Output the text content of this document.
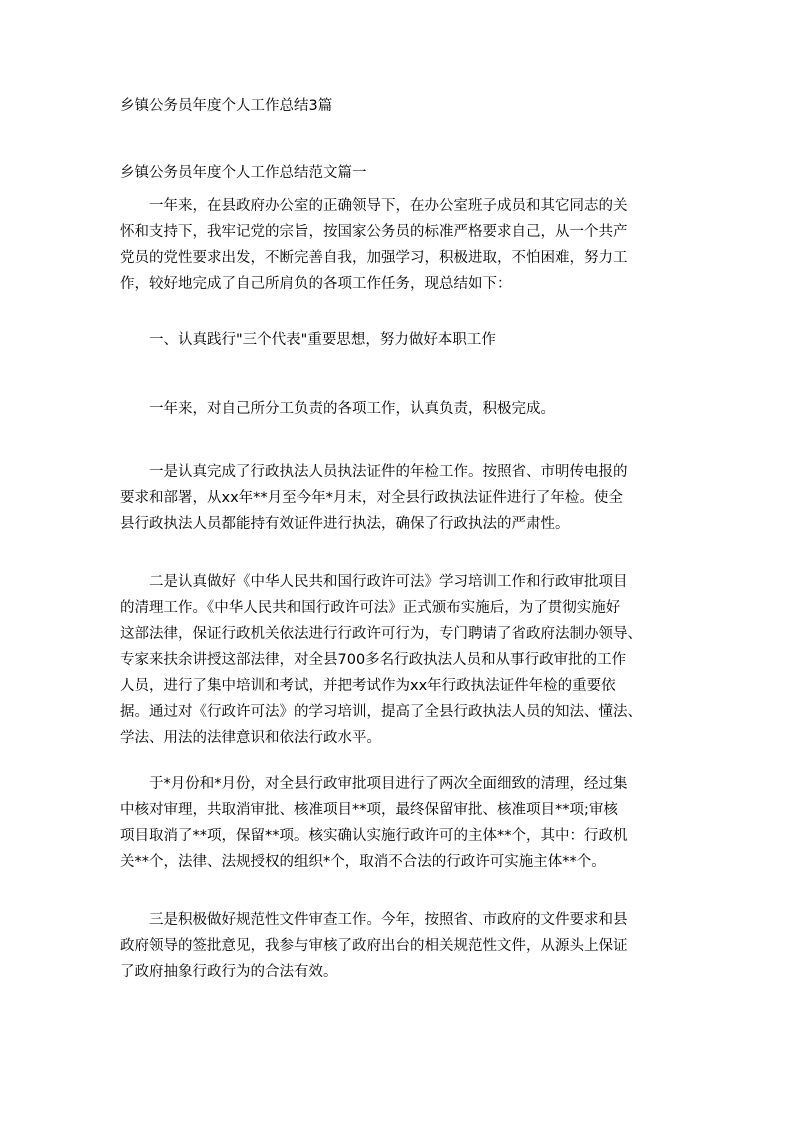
乡镇公务员年度个人工作总结3篇
乡镇公务员年度个人工作总结范文篇一
一年来，在县政府办公室的正确领导下，在办公室班子成员和其它同志的关
怀和支持下，我牢记党的宗旨，按国家公务员的标准严格要求自己，从一个共产
党员的党性要求出发，不断完善自我，加强学习，积极进取，不怕困难，努力工
作，较好地完成了自己所肩负的各项工作任务，现总结如下：
一、认真践行"三个代表"重要思想，努力做好本职工作
一年来，对自己所分工负责的各项工作，认真负责，积极完成。
一是认真完成了行政执法人员执法证件的年检工作。按照省、市明传电报的
要求和部署，从xx年**月至今年*月末，对全县行政执法证件进行了年检。使全
县行政执法人员都能持有效证件进行执法，确保了行政执法的严肃性。
二是认真做好《中华人民共和国行政许可法》学习培训工作和行政审批项目
的清理工作。《中华人民共和国行政许可法》正式颁布实施后，为了贯彻实施好
这部法律，保证行政机关依法进行行政许可行为，专门聘请了省政府法制办领导、
专家来扶余讲授这部法律，对全县700多名行政执法人员和从事行政审批的工作
人员，进行了集中培训和考试，并把考试作为xx年行政执法证件年检的重要依
据。通过对《行政许可法》的学习培训，提高了全县行政执法人员的知法、懂法、
学法、用法的法律意识和依法行政水平。
于*月份和*月份，对全县行政审批项目进行了两次全面细致的清理，经过集
中核对审理，共取消审批、核准项目**项，最终保留审批、核准项目**项;审核
项目取消了**项，保留**项。核实确认实施行政许可的主体**个，其中：行政机
关**个，法律、法规授权的组织*个，取消不合法的行政许可实施主体**个。
三是积极做好规范性文件审查工作。今年，按照省、市政府的文件要求和县
政府领导的签批意见，我参与审核了政府出台的相关规范性文件，从源头上保证
了政府抽象行政行为的合法有效。
